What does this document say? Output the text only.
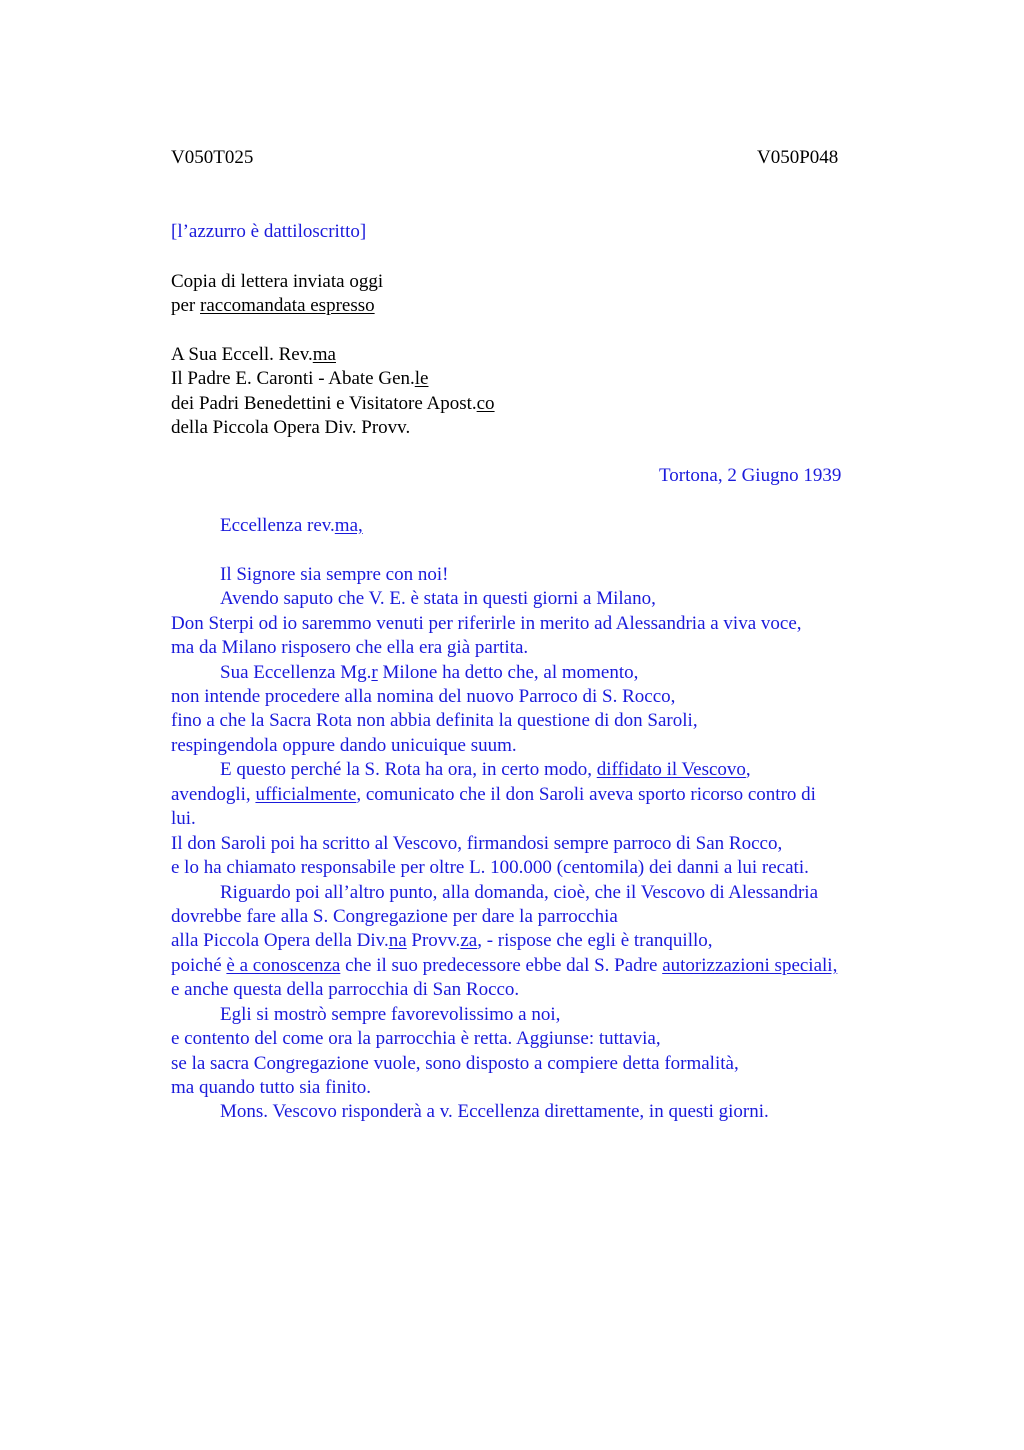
V050T025	V050P048
[l’azzurro è dattiloscritto]
Copia di lettera inviata oggi
per raccomandata espresso
A Sua Eccell. Rev.ma
Il Padre E. Caronti - Abate Gen.le
dei Padri Benedettini e Visitatore Apost.co
della Piccola Opera Div. Provv.
Tortona, 2 Giugno 1939
Eccellenza rev.ma,
Il Signore sia sempre con noi!
Avendo saputo che V. E. è stata in questi giorni a Milano,
Don Sterpi od io saremmo venuti per riferirle in merito ad Alessandria a viva voce,
ma da Milano risposero che ella era già partita.
Sua Eccellenza Mg.r Milone ha detto che, al momento,
non intende procedere alla nomina del nuovo Parroco di S. Rocco,
fino a che la Sacra Rota non abbia definita la questione di don Saroli,
respingendola oppure dando unicuique suum.
E questo perché la S. Rota ha ora, in certo modo, diffidato il Vescovo,
avendogli, ufficialmente, comunicato che il don Saroli aveva sporto ricorso contro di
lui.
Il don Saroli poi ha scritto al Vescovo, firmandosi sempre parroco di San Rocco,
e lo ha chiamato responsabile per oltre L. 100.000 (centomila) dei danni a lui recati.
Riguardo poi all’altro punto, alla domanda, cioè, che il Vescovo di Alessandria
dovrebbe fare alla S. Congregazione per dare la parrocchia
alla Piccola Opera della Div.na Provv.za, - rispose che egli è tranquillo,
poiché è a conoscenza che il suo predecessore ebbe dal S. Padre autorizzazioni speciali,
e anche questa della parrocchia di San Rocco.
Egli si mostrò sempre favorevolissimo a noi,
e contento del come ora la parrocchia è retta. Aggiunse: tuttavia,
se la sacra Congregazione vuole, sono disposto a compiere detta formalità,
ma quando tutto sia finito.
Mons. Vescovo risponderà a v. Eccellenza direttamente, in questi giorni.
